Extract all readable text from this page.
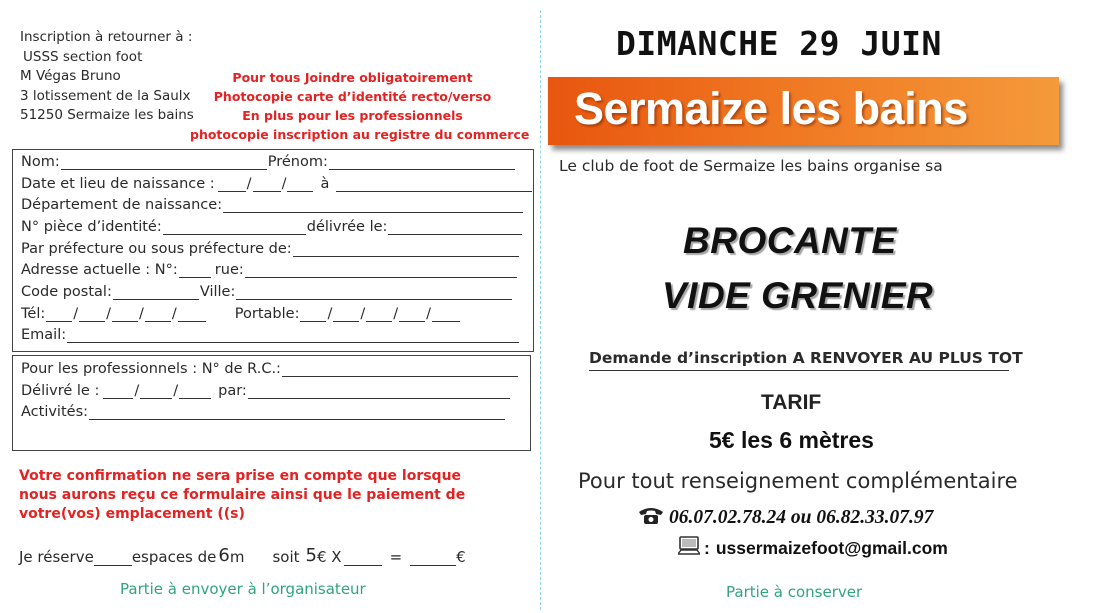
Inscription à retourner à :
USSS section foot
M Végas Bruno
3 lotissement de la Saulx
51250 Sermaize les bains
Pour tous Joindre obligatoirement
Photocopie carte d’identité recto/verso
En plus pour les professionnels
photocopie inscription au registre du commerce
Nom:	Prénom:
Date et lieu de naissance : / / à
Département de naissance:
N° pièce d’identité:	délivrée le:
Par préfecture ou sous préfecture de:
Adresse actuelle : N°:	rue:
Code postal:	Ville:
Tél: / / / /	Portable: / / / /
Email:
Pour les professionnels : N° de R.C.:
Délivré le : / /	par:
Activités:
Votre confirmation ne sera prise en compte que lorsque
nous aurons reçu ce formulaire ainsi que le paiement de
votre(vos) emplacement ((s)
Je réserve	espaces de 6 m soit 5 € X	=	€
Partie à envoyer à l’organisateur
DIMANCHE 29 JUIN
Sermaize les bains
Le club de foot de Sermaize les bains organise sa
BROCANTE
VIDE GRENIER
Demande d’inscription A RENVOYER AU PLUS TOT
TARIF
5€ les 6 mètres
Pour tout renseignement complémentaire
06.07.02.78.24 ou 06.82.33.07.97
: ussermaizefoot@gmail.com
Partie à conserver
